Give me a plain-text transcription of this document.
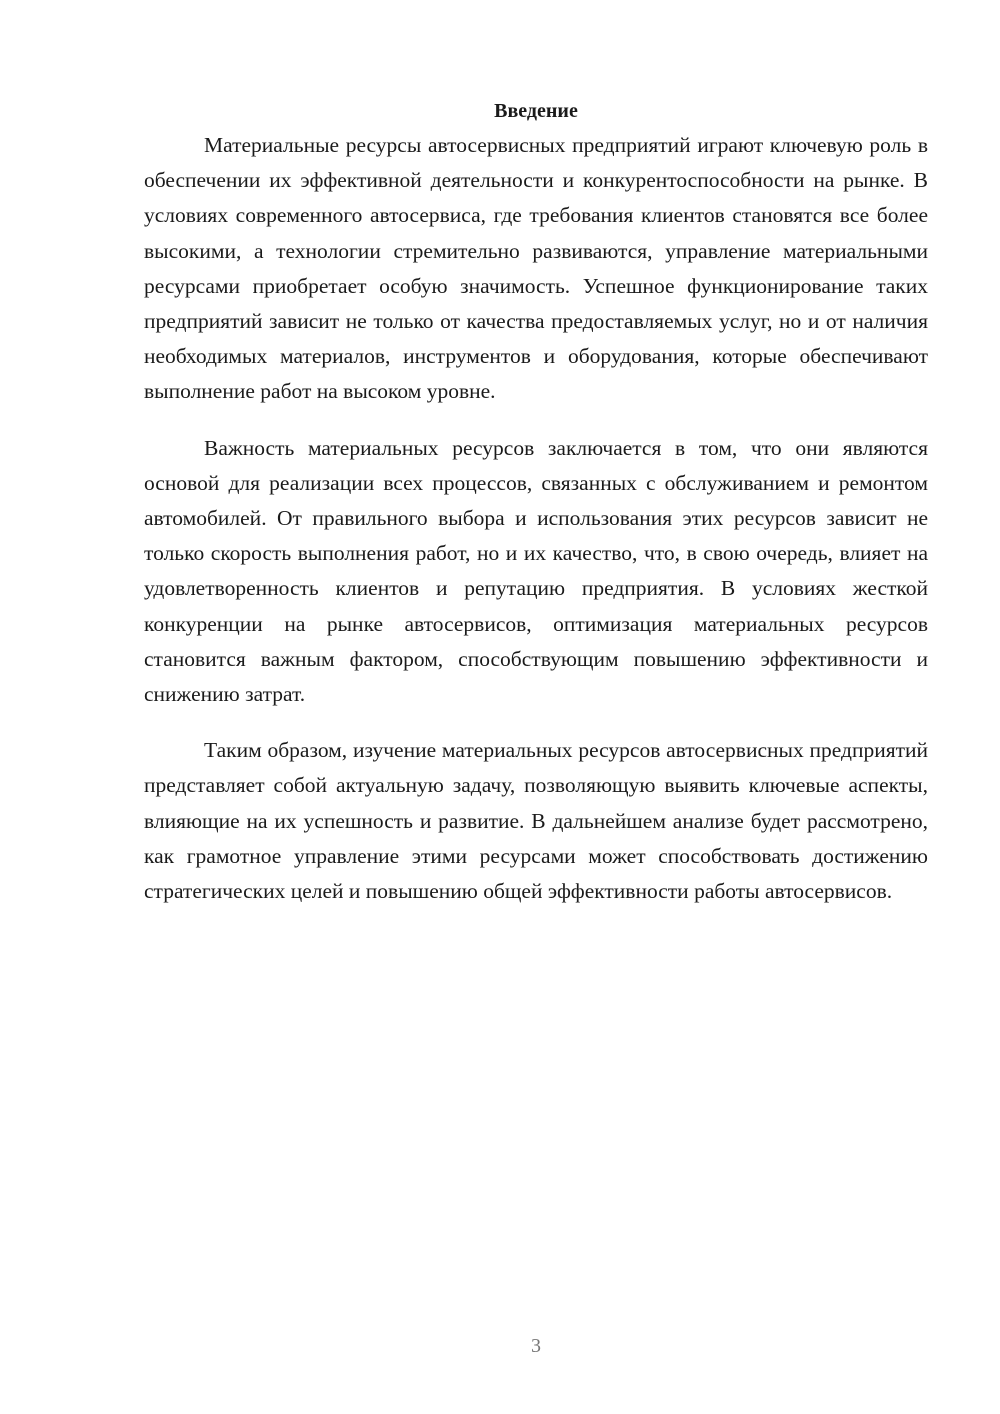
Введение

Материальные ресурсы автосервисных предприятий играют ключевую роль в обеспечении их эффективной деятельности и конкурентоспособности на рынке. В условиях современного автосервиса, где требования клиентов становятся все более высокими, а технологии стремительно развиваются, управление материальными ресурсами приобретает особую значимость. Успешное функционирование таких предприятий зависит не только от качества предоставляемых услуг, но и от наличия необходимых материалов, инструментов и оборудования, которые обеспечивают выполнение работ на высоком уровне.

Важность материальных ресурсов заключается в том, что они являются основой для реализации всех процессов, связанных с обслуживанием и ремонтом автомобилей. От правильного выбора и использования этих ресурсов зависит не только скорость выполнения работ, но и их качество, что, в свою очередь, влияет на удовлетворенность клиентов и репутацию предприятия. В условиях жесткой конкуренции на рынке автосервисов, оптимизация материальных ресурсов становится важным фактором, способствующим повышению эффективности и снижению затрат.

Таким образом, изучение материальных ресурсов автосервисных предприятий представляет собой актуальную задачу, позволяющую выявить ключевые аспекты, влияющие на их успешность и развитие. В дальнейшем анализе будет рассмотрено, как грамотное управление этими ресурсами может способствовать достижению стратегических целей и повышению общей эффективности работы автосервисов.

3
